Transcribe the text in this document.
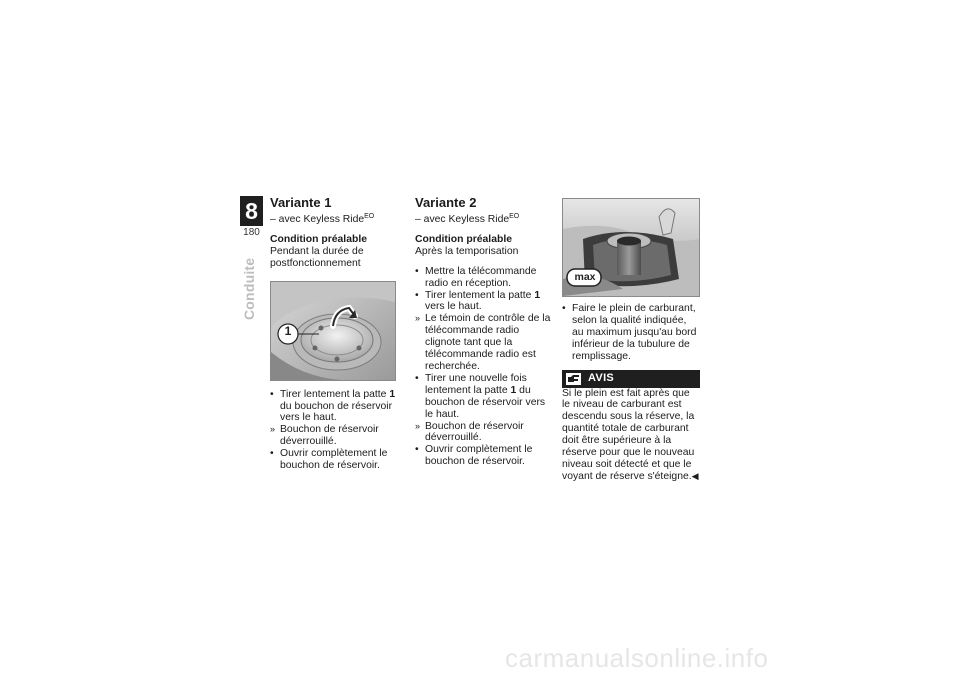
8
180
Conduite
Variante 1
– avec Keyless Ride$^{EO}$
Condition préalable

Pendant la durée de postfonctionnement

1
• Tirer lentement la patte 1 du bouchon de réservoir vers le haut.
» Bouchon de réservoir déverrouillé.
• Ouvrir complètement le bouchon de réservoir.
Variante 2
– avec Keyless Ride$^{EO}$
Condition préalable

Après la temporisation

• Mettre la télécommande radio en réception.
• Tirer lentement la patte 1 vers le haut.
» Le témoin de contrôle de la télécommande radio clignote tant que la télécommande radio est recherchée.
• Tirer une nouvelle fois lentement la patte 1 du bouchon de réservoir vers le haut.
» Bouchon de réservoir déverrouillé.
• Ouvrir complètement le bouchon de réservoir.
max
• Faire le plein de carburant, selon la qualité indiquée, au maximum jusqu'au bord inférieur de la tubulure de remplissage.
AVIS

Si le plein est fait après que le niveau de carburant est descendu sous la réserve, la quantité totale de carburant doit être supérieure à la réserve pour que le nouveau niveau soit détecté et que le voyant de réserve s'éteigne.◀

carmanualsonline.info
